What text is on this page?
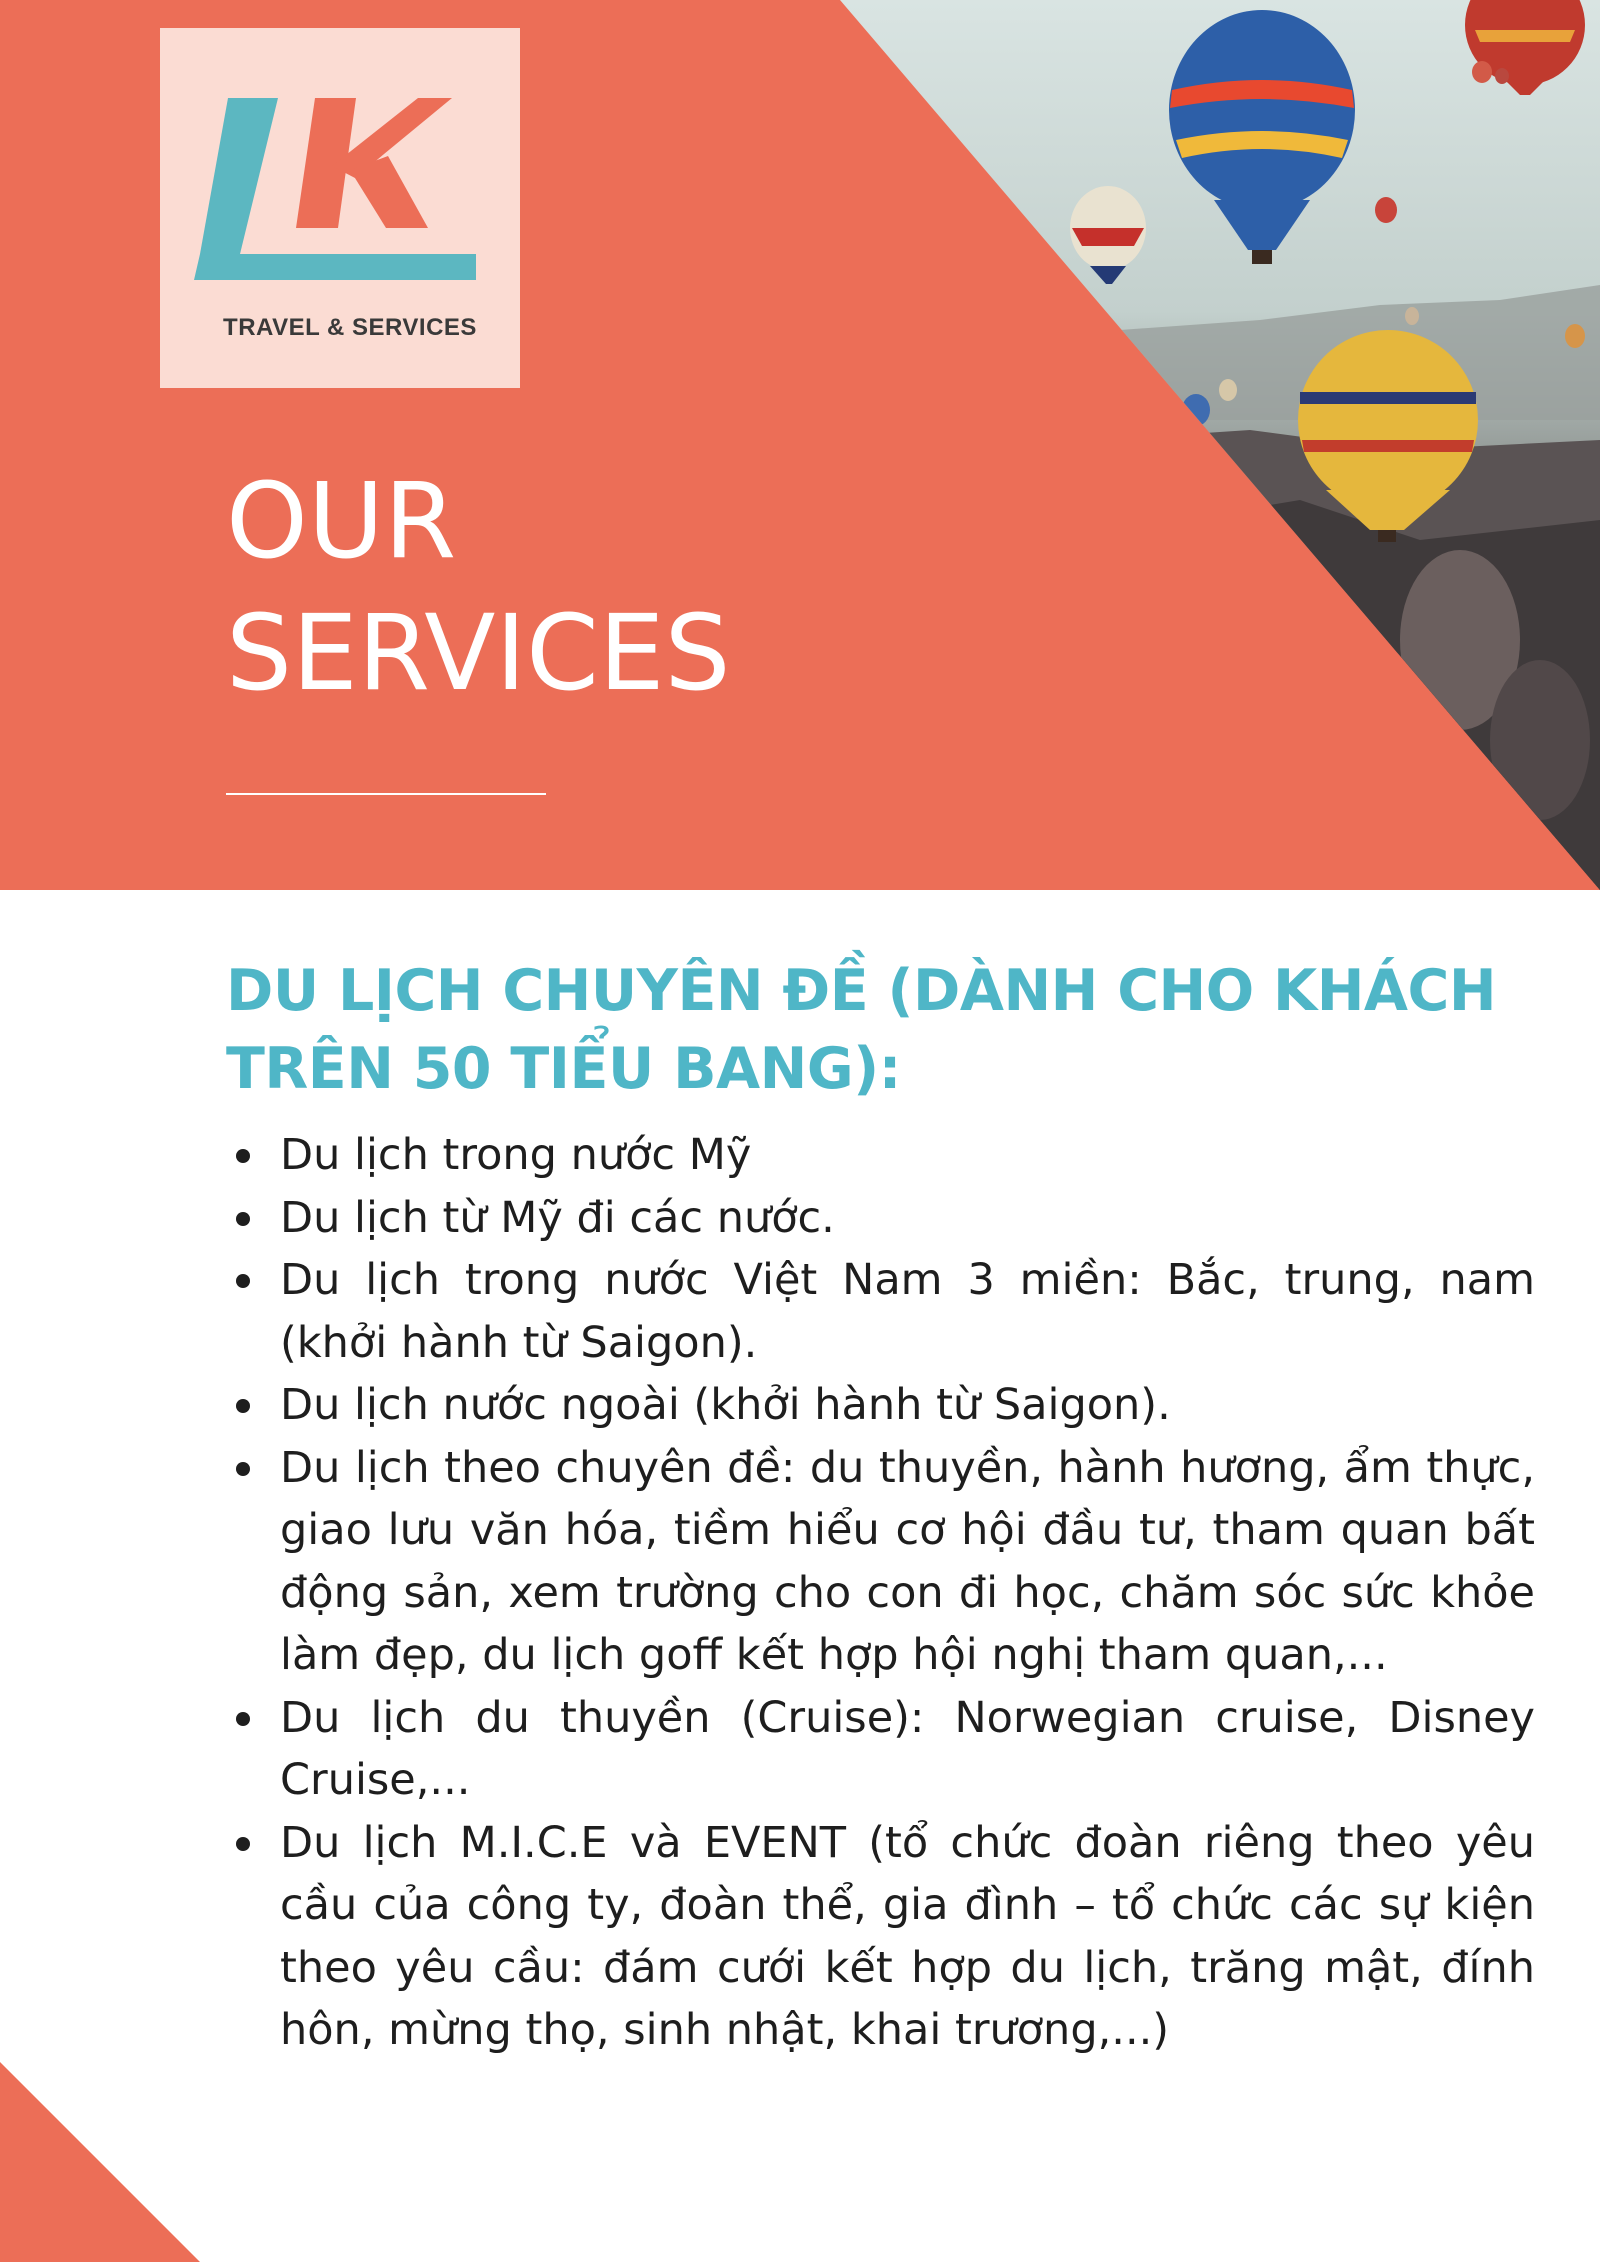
TRAVEL & SERVICES
OUR
SERVICES
DU LỊCH CHUYÊN ĐỀ (DÀNH CHO KHÁCH TRÊN 50 TIỂU BANG):
Du lịch trong nước Mỹ
Du lịch từ Mỹ đi các nước.
Du lịch trong nước Việt Nam 3 miền: Bắc, trung, nam (khởi hành từ Saigon).
Du lịch nước ngoài (khởi hành từ Saigon).
Du lịch theo chuyên đề: du thuyền, hành hương, ẩm thực, giao lưu văn hóa, tiềm hiểu cơ hội đầu tư, tham quan bất động sản, xem trường cho con đi học, chăm sóc sức khỏe làm đẹp, du lịch goff kết hợp hội nghị tham quan,...
Du lịch du thuyền (Cruise): Norwegian cruise, Disney Cruise,...
Du lịch M.I.C.E và EVENT (tổ chức đoàn riêng theo yêu cầu của công ty, đoàn thể, gia đình – tổ chức các sự kiện theo yêu cầu: đám cưới kết hợp du lịch, trăng mật, đính hôn, mừng thọ, sinh nhật, khai trương,...)
